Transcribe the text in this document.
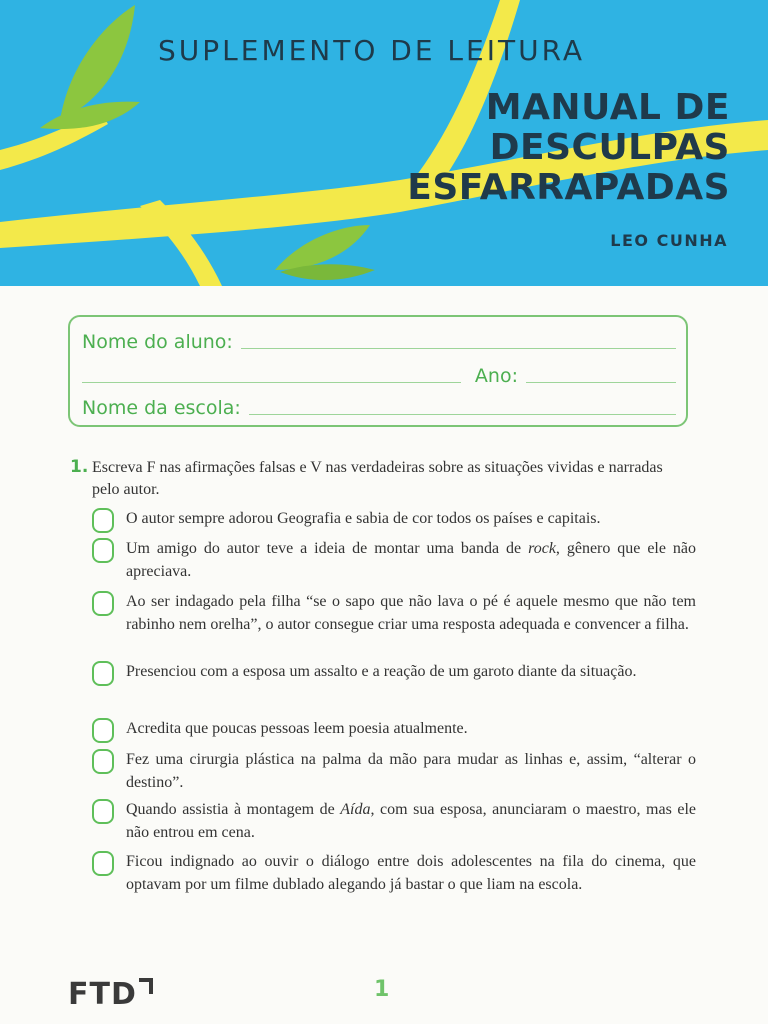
SUPLEMENTO DE LEITURA
MANUAL DE
DESCULPAS
ESFARRAPADAS

LEO CUNHA

Nome do aluno:
Ano:
Nome da escola:
1. Escreva F nas afirmações falsas e V nas verdadeiras sobre as situações vividas e narradas pelo autor.

O autor sempre adorou Geografia e sabia de cor todos os países e capitais.

Um amigo do autor teve a ideia de montar uma banda de rock, gênero que ele não apreciava.

Ao ser indagado pela filha “se o sapo que não lava o pé é aquele mesmo que não tem rabinho nem orelha”, o autor consegue criar uma resposta adequada e convencer a filha.

Presenciou com a esposa um assalto e a reação de um garoto diante da situação.

Acredita que poucas pessoas leem poesia atualmente.

Fez uma cirurgia plástica na palma da mão para mudar as linhas e, assim, “alterar o destino”.

Quando assistia à montagem de Aída, com sua esposa, anunciaram o maestro, mas ele não entrou em cena.

Ficou indignado ao ouvir o diálogo entre dois adolescentes na fila do cinema, que optavam por um filme dublado alegando já bastar o que liam na escola.

FTD	1
